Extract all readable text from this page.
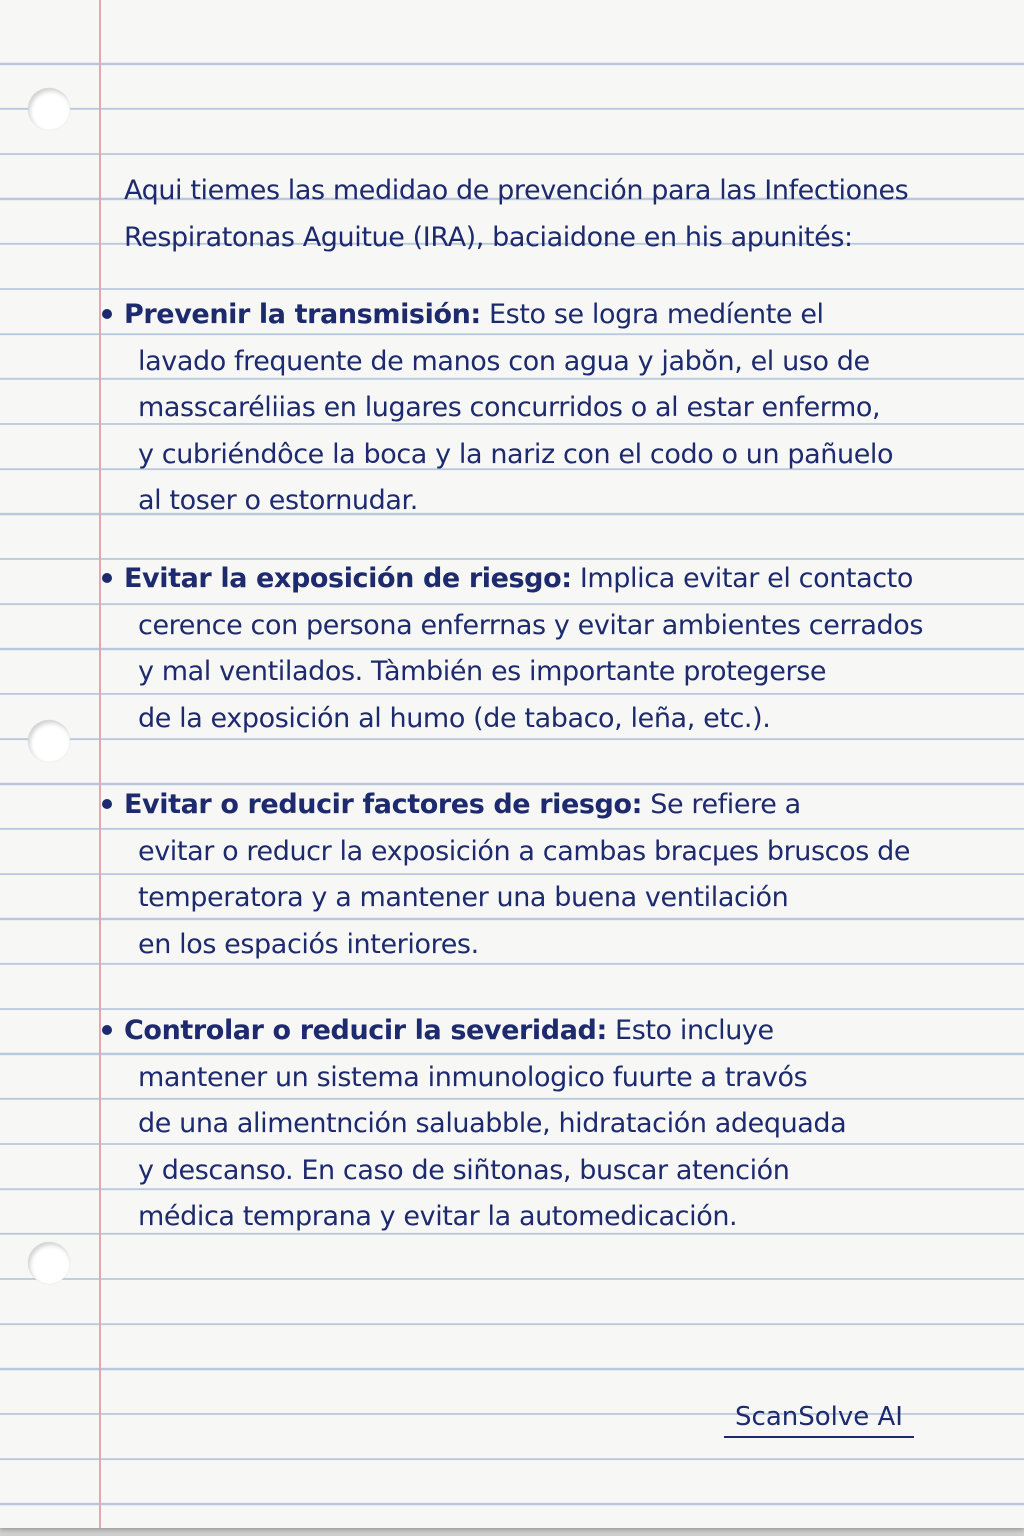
Aqui tiemes las medidao de prevención para las Infectiones
Respiratonas Aguitue (IRA), baciaidone en his apunités:
Prevenir la transmisión: Esto se logra medíente el
lavado frequente de manos con agua y jabŏn, el uso de
masscaréliias en lugares concurridos o al estar enfermo,
y cubriéndôce la boca y la nariz con el codo o un pañuelo
al toser o estornudar.
Evitar la exposición de riesgo: Implica evitar el contacto
cerence con persona enferrnas y evitar ambientes cerrados
y mal ventilados. Tàmbién es importante protegerse
de la exposición al humo (de tabaco, leña, etc.).
Evitar o reducir factores de riesgo: Se refiere a
evitar o reducr la exposición a cambas bracµes bruscos de
temperatora y a mantener una buena ventilación
en los espaciós interiores.
Controlar o reducir la severidad: Esto incluye
mantener un sistema inmunologico fuurte a travós
de una alimentnción saluabble, hidratación adequada
y descanso. En caso de siñtonas, buscar atención
médica temprana y evitar la automedicación.
ScanSolve AI
